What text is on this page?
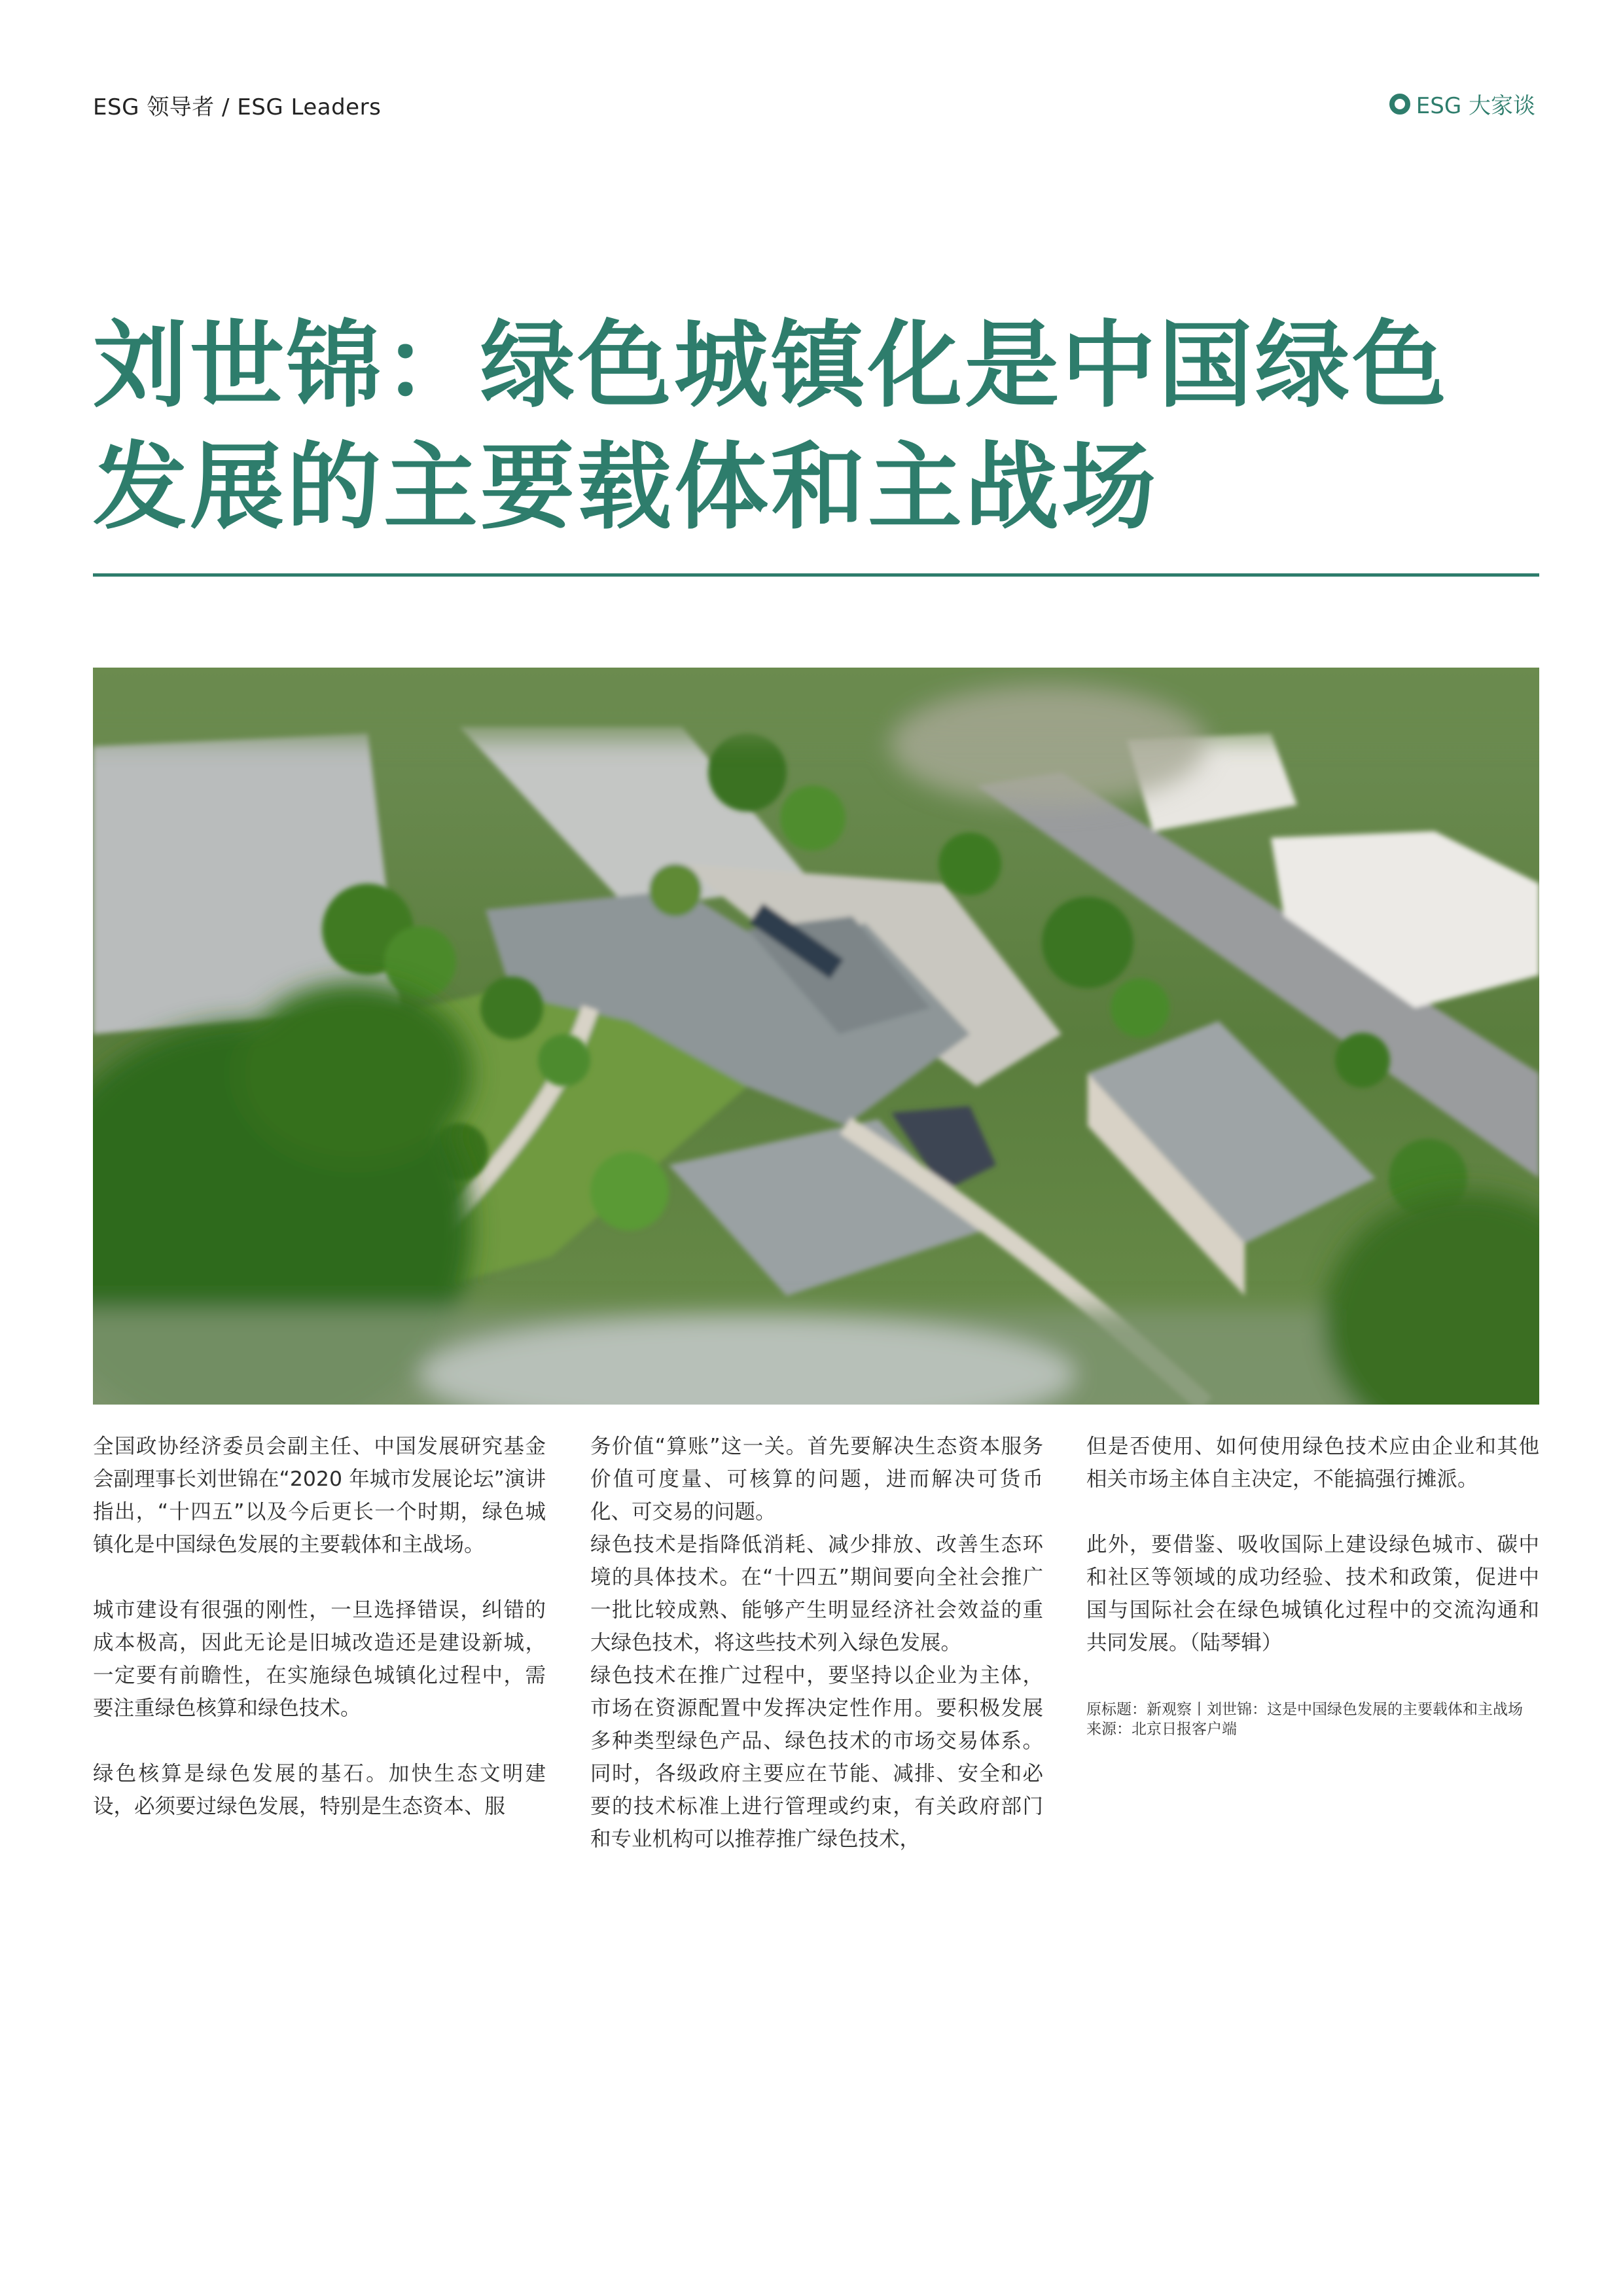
ESG 领导者 / ESG Leaders	ESG 大家谈
刘世锦：绿色城镇化是中国绿色发展的主要载体和主战场

全国政协经济委员会副主任、中国发展研究基金会副理事长刘世锦在“2020 年城市发展论坛”演讲指出，“十四五”以及今后更长一个时期，绿色城镇化是中国绿色发展的主要载体和主战场。

城市建设有很强的刚性，一旦选择错误，纠错的成本极高，因此无论是旧城改造还是建设新城，一定要有前瞻性，在实施绿色城镇化过程中，需要注重绿色核算和绿色技术。

绿色核算是绿色发展的基石。加快生态文明建设，必须要过绿色发展，特别是生态资本、服

务价值“算账”这一关。首先要解决生态资本服务价值可度量、可核算的问题，进而解决可货币化、可交易的问题。

绿色技术是指降低消耗、减少排放、改善生态环境的具体技术。在“十四五”期间要向全社会推广一批比较成熟、能够产生明显经济社会效益的重大绿色技术，将这些技术列入绿色发展。

绿色技术在推广过程中，要坚持以企业为主体，市场在资源配置中发挥决定性作用。要积极发展多种类型绿色产品、绿色技术的市场交易体系。同时，各级政府主要应在节能、减排、安全和必要的技术标准上进行管理或约束，有关政府部门和专业机构可以推荐推广绿色技术，

但是否使用、如何使用绿色技术应由企业和其他相关市场主体自主决定，不能搞强行摊派。

此外，要借鉴、吸收国际上建设绿色城市、碳中和社区等领域的成功经验、技术和政策，促进中国与国际社会在绿色城镇化过程中的交流沟通和共同发展。（陆琴辑）

原标题：新观察丨刘世锦：这是中国绿色发展的主要载体和主战场
来源：北京日报客户端
